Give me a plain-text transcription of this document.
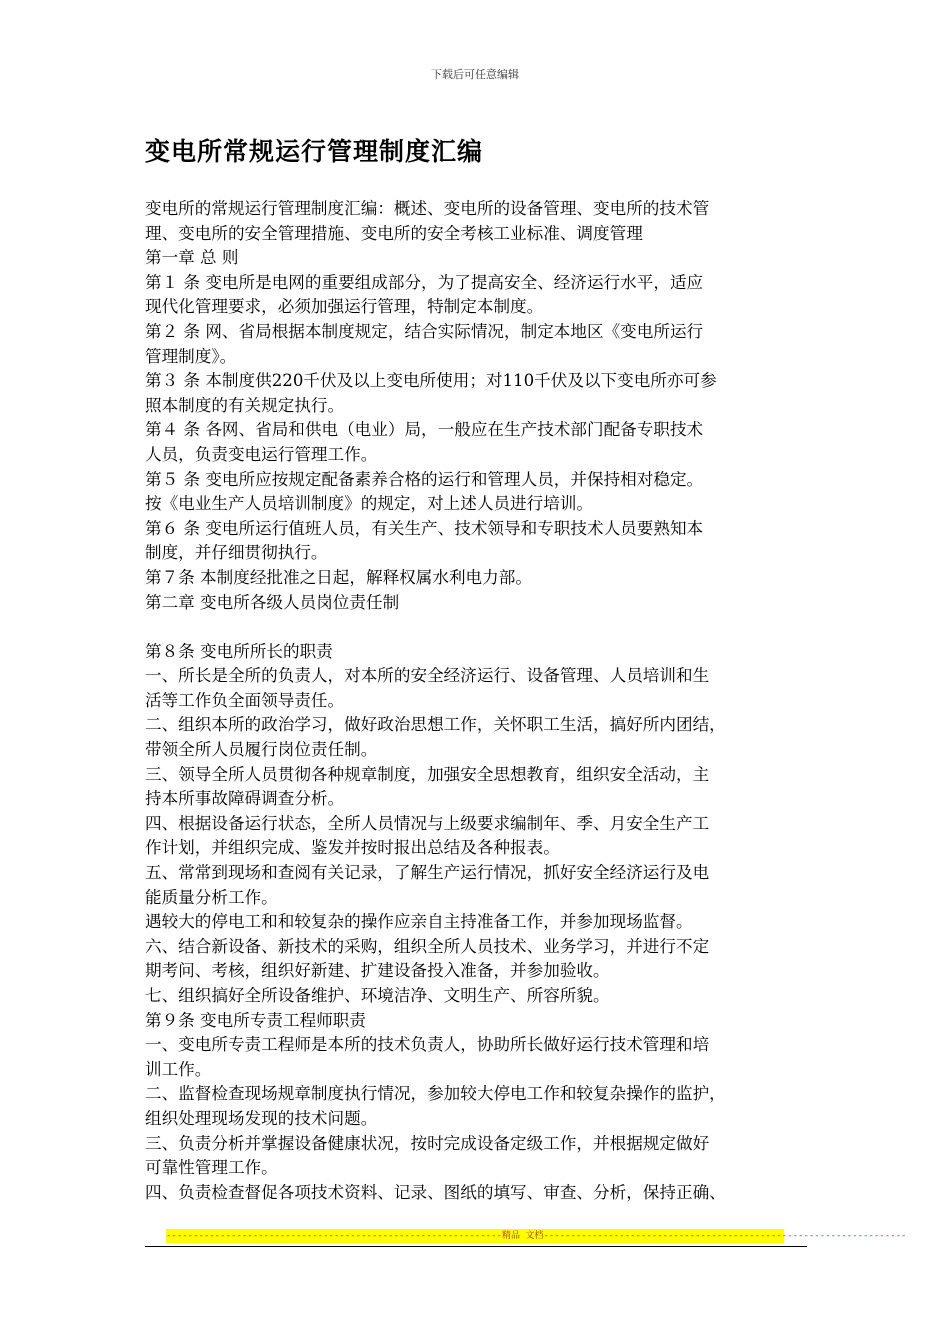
下载后可任意编辑
变电所常规运行管理制度汇编
变电所的常规运行管理制度汇编：概述、变电所的设备管理、变电所的技术管
理、变电所的安全管理措施、变电所的安全考核工业标准、调度管理
第一章 总 则
第１ 条 变电所是电网的重要组成部分，为了提高安全、经济运行水平，适应
现代化管理要求，必须加强运行管理，特制定本制度。
第２ 条 网、省局根据本制度规定，结合实际情况，制定本地区《变电所运行
管理制度》。
第３ 条 本制度供220千伏及以上变电所使用；对110千伏及以下变电所亦可参
照本制度的有关规定执行。
第４ 条 各网、省局和供电（电业）局，一般应在生产技术部门配备专职技术
人员，负责变电运行管理工作。
第５ 条 变电所应按规定配备素养合格的运行和管理人员，并保持相对稳定。
按《电业生产人员培训制度》的规定，对上述人员进行培训。
第６ 条 变电所运行值班人员，有关生产、技术领导和专职技术人员要熟知本
制度，并仔细贯彻执行。
第７条 本制度经批准之日起，解释权属水利电力部。
第二章 变电所各级人员岗位责任制
第８条 变电所所长的职责
一、所长是全所的负责人，对本所的安全经济运行、设备管理、人员培训和生
活等工作负全面领导责任。
二、组织本所的政治学习，做好政治思想工作，关怀职工生活，搞好所内团结，
带领全所人员履行岗位责任制。
三、领导全所人员贯彻各种规章制度，加强安全思想教育，组织安全活动，主
持本所事故障碍调查分析。
四、根据设备运行状态，全所人员情况与上级要求编制年、季、月安全生产工
作计划，并组织完成、鉴发并按时报出总结及各种报表。
五、常常到现场和查阅有关记录，了解生产运行情况，抓好安全经济运行及电
能质量分析工作。
遇较大的停电工和和较复杂的操作应亲自主持准备工作，并参加现场监督。
六、结合新设备、新技术的采购，组织全所人员技术、业务学习，并进行不定
期考问、考核，组织好新建、扩建设备投入准备，并参加验收。
七、组织搞好全所设备维护、环境洁净、文明生产、所容所貌。
第９条 变电所专责工程师职责
一、变电所专责工程师是本所的技术负责人，协助所长做好运行技术管理和培
训工作。
二、监督检查现场规章制度执行情况，参加较大停电工作和较复杂操作的监护，
组织处理现场发现的技术问题。
三、负责分析并掌握设备健康状况，按时完成设备定级工作，并根据规定做好
可靠性管理工作。
四、负责检查督促各项技术资料、记录、图纸的填写、审查、分析，保持正确、
--------------------------------------------------------------精品 文档-------------------------------------------------------------------
